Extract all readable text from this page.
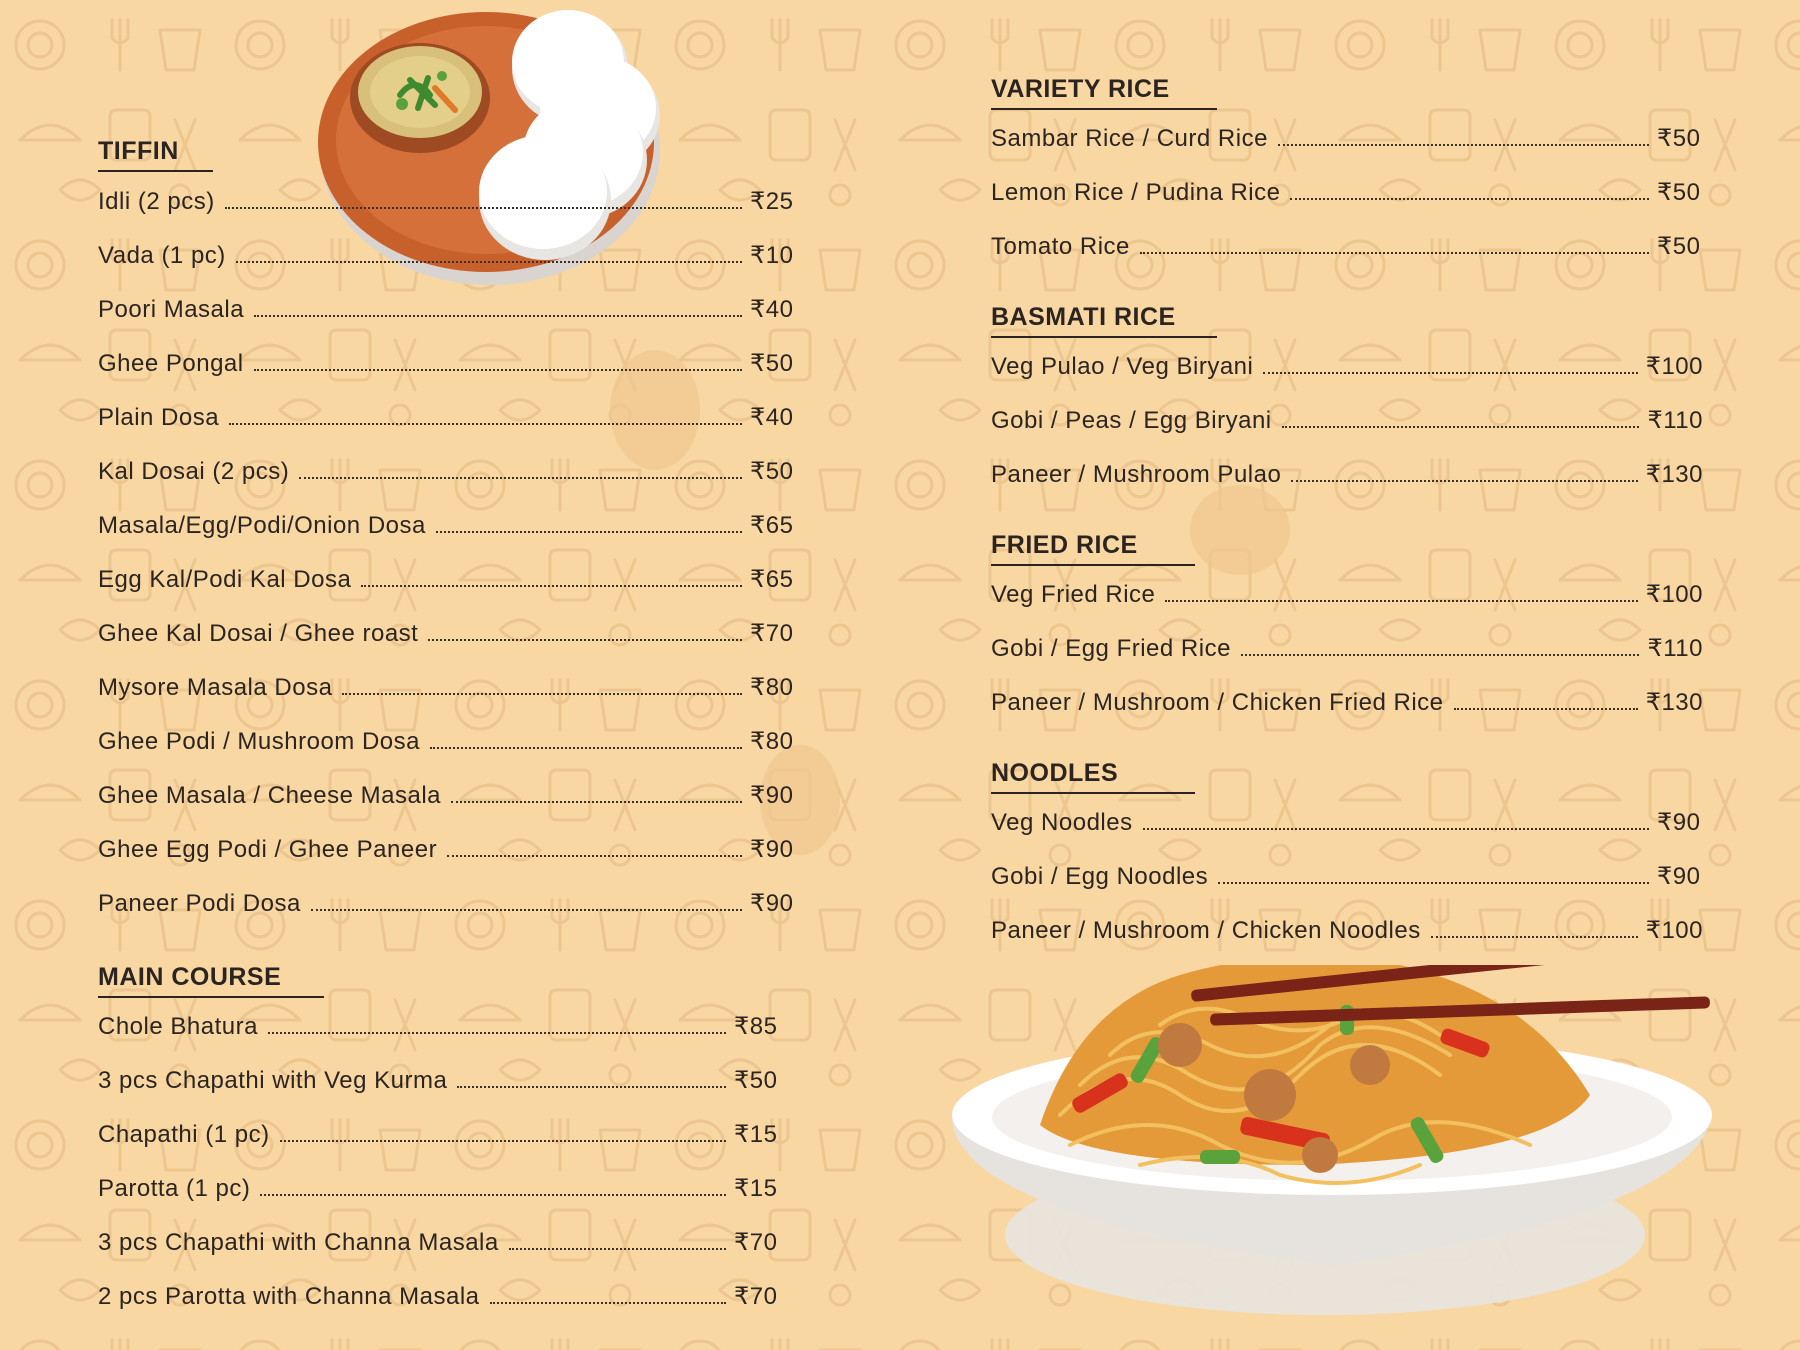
TIFFIN
Idli (2 pcs)	₹25
Vada (1 pc)	₹10
Poori Masala	₹40
Ghee Pongal	₹50
Plain Dosa	₹40
Kal Dosai (2 pcs)	₹50
Masala/Egg/Podi/Onion Dosa	₹65
Egg Kal/Podi Kal Dosa	₹65
Ghee Kal Dosai / Ghee roast	₹70
Mysore Masala Dosa	₹80
Ghee Podi / Mushroom Dosa	₹80
Ghee Masala / Cheese Masala	₹90
Ghee Egg Podi / Ghee Paneer	₹90
Paneer Podi Dosa	₹90
MAIN COURSE
Chole Bhatura	₹85
3 pcs Chapathi with Veg Kurma	₹50
Chapathi (1 pc)	₹15
Parotta (1 pc)	₹15
3 pcs Chapathi with Channa Masala	₹70
2 pcs Parotta with Channa Masala	₹70
VARIETY RICE
Sambar Rice / Curd Rice	₹50
Lemon Rice / Pudina Rice	₹50
Tomato Rice	₹50
BASMATI RICE
Veg Pulao / Veg Biryani	₹100
Gobi / Peas / Egg Biryani	₹110
Paneer / Mushroom Pulao	₹130
FRIED RICE
Veg Fried Rice	₹100
Gobi / Egg Fried Rice	₹110
Paneer / Mushroom / Chicken Fried Rice	₹130
NOODLES
Veg Noodles	₹90
Gobi / Egg Noodles	₹90
Paneer / Mushroom / Chicken Noodles	₹100
